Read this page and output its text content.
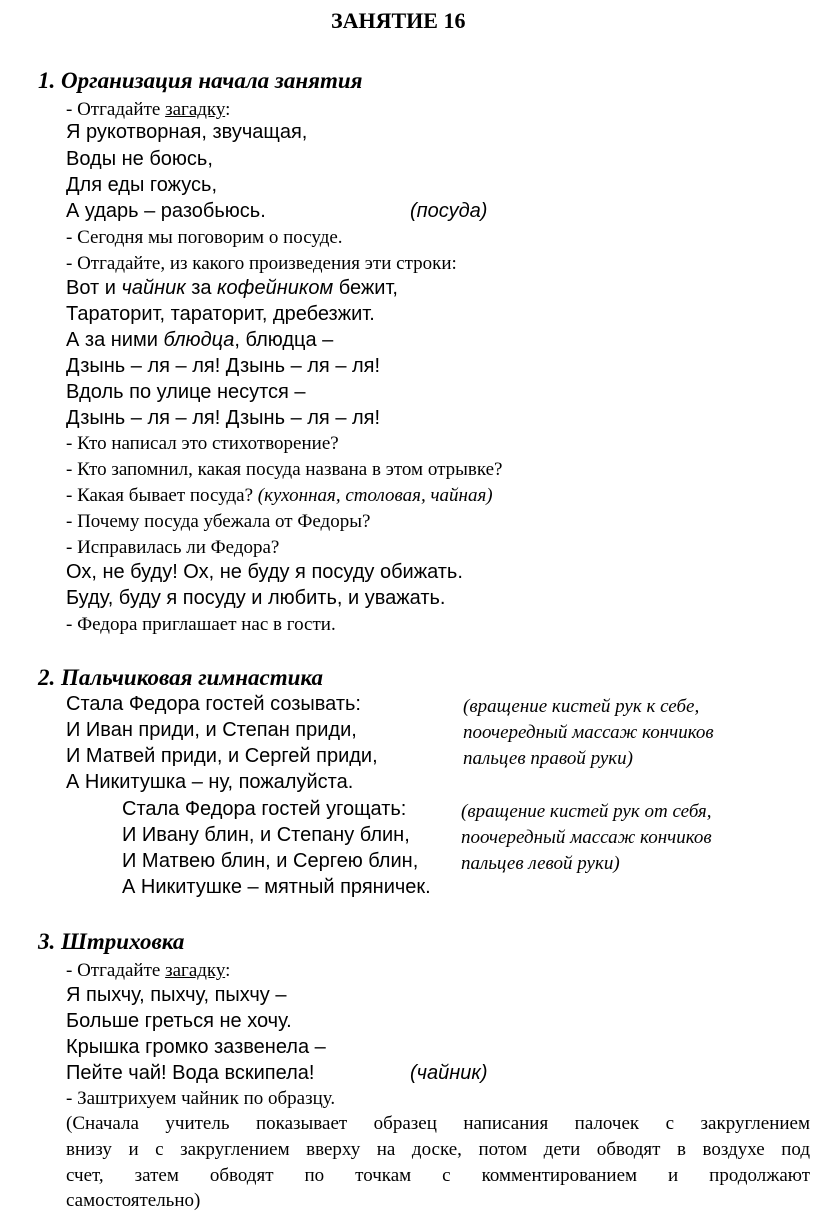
ЗАНЯТИЕ 16
1. Организация начала занятия
- Отгадайте загадку:
Я рукотворная, звучащая,
Воды не боюсь,
Для еды гожусь,
А ударь – разобьюсь.	(посуда)
- Сегодня мы поговорим о посуде.
- Отгадайте, из какого произведения эти строки:
Вот и чайник за кофейником бежит,
Тараторит, тараторит, дребезжит.
А за ними блюдца, блюдца –
Дзынь – ля – ля! Дзынь – ля – ля!
Вдоль по улице несутся –
Дзынь – ля – ля! Дзынь – ля – ля!
- Кто написал это стихотворение?
- Кто запомнил, какая посуда названа в этом отрывке?
- Какая бывает посуда? (кухонная, столовая, чайная)
- Почему посуда убежала от Федоры?
- Исправилась ли Федора?
Ох, не буду! Ох, не буду я посуду обижать.
Буду, буду я посуду и любить, и уважать.
- Федора приглашает нас в гости.
2. Пальчиковая гимнастика
Стала Федора гостей созывать:
И Иван приди, и Степан приди,
И Матвей приди, и Сергей приди,
А Никитушка – ну, пожалуйста.
(вращение кистей рук к себе,
поочередный массаж кончиков
пальцев правой руки)
Стала Федора гостей угощать:
И Ивану блин, и Степану блин,
И Матвею блин, и Сергею блин,
А Никитушке – мятный пряничек.
(вращение кистей рук от себя,
поочередный массаж кончиков
пальцев левой руки)
3. Штриховка
- Отгадайте загадку:
Я пыхчу, пыхчу, пыхчу –
Больше греться не хочу.
Крышка громко зазвенела –
Пейте чай! Вода вскипела!	(чайник)
- Заштрихуем чайник по образцу.
(Сначала учитель показывает образец написания палочек с закруглением
внизу и с закруглением вверху на доске, потом дети обводят в воздухе под
счет, затем обводят по точкам с комментированием и продолжают
самостоятельно)
